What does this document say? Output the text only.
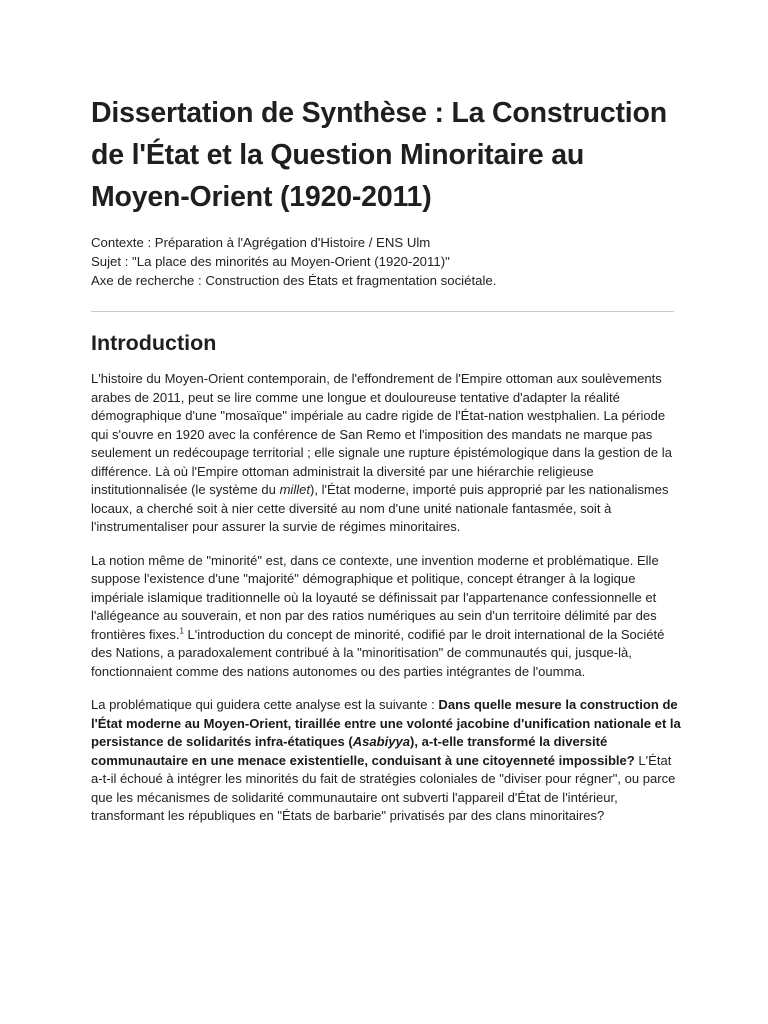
Dissertation de Synthèse : La Construction de l'État et la Question Minoritaire au Moyen-Orient (1920-2011)
Contexte : Préparation à l'Agrégation d'Histoire / ENS Ulm
Sujet : "La place des minorités au Moyen-Orient (1920-2011)"
Axe de recherche : Construction des États et fragmentation sociétale.
Introduction

L'histoire du Moyen-Orient contemporain, de l'effondrement de l'Empire ottoman aux soulèvements arabes de 2011, peut se lire comme une longue et douloureuse tentative d'adapter la réalité démographique d'une "mosaïque" impériale au cadre rigide de l'État-nation westphalien. La période qui s'ouvre en 1920 avec la conférence de San Remo et l'imposition des mandats ne marque pas seulement un redécoupage territorial ; elle signale une rupture épistémologique dans la gestion de la différence. Là où l'Empire ottoman administrait la diversité par une hiérarchie religieuse institutionnalisée (le système du millet), l'État moderne, importé puis approprié par les nationalismes locaux, a cherché soit à nier cette diversité au nom d'une unité nationale fantasmée, soit à l'instrumentaliser pour assurer la survie de régimes minoritaires.

La notion même de "minorité" est, dans ce contexte, une invention moderne et problématique. Elle suppose l'existence d'une "majorité" démographique et politique, concept étranger à la logique impériale islamique traditionnelle où la loyauté se définissait par l'appartenance confessionnelle et l'allégeance au souverain, et non par des ratios numériques au sein d'un territoire délimité par des frontières fixes.$^1$ L'introduction du concept de minorité, codifié par le droit international de la Société des Nations, a paradoxalement contribué à la "minoritisation" de communautés qui, jusque-là, fonctionnaient comme des nations autonomes ou des parties intégrantes de l'oumma.

La problématique qui guidera cette analyse est la suivante : Dans quelle mesure la construction de l'État moderne au Moyen-Orient, tiraillée entre une volonté jacobine d'unification nationale et la persistance de solidarités infra-étatiques (Asabiyya), a-t-elle transformé la diversité communautaire en une menace existentielle, conduisant à une citoyenneté impossible? L'État a-t-il échoué à intégrer les minorités du fait de stratégies coloniales de "diviser pour régner", ou parce que les mécanismes de solidarité communautaire ont subverti l'appareil d'État de l'intérieur, transformant les républiques en "États de barbarie" privatisés par des clans minoritaires?
